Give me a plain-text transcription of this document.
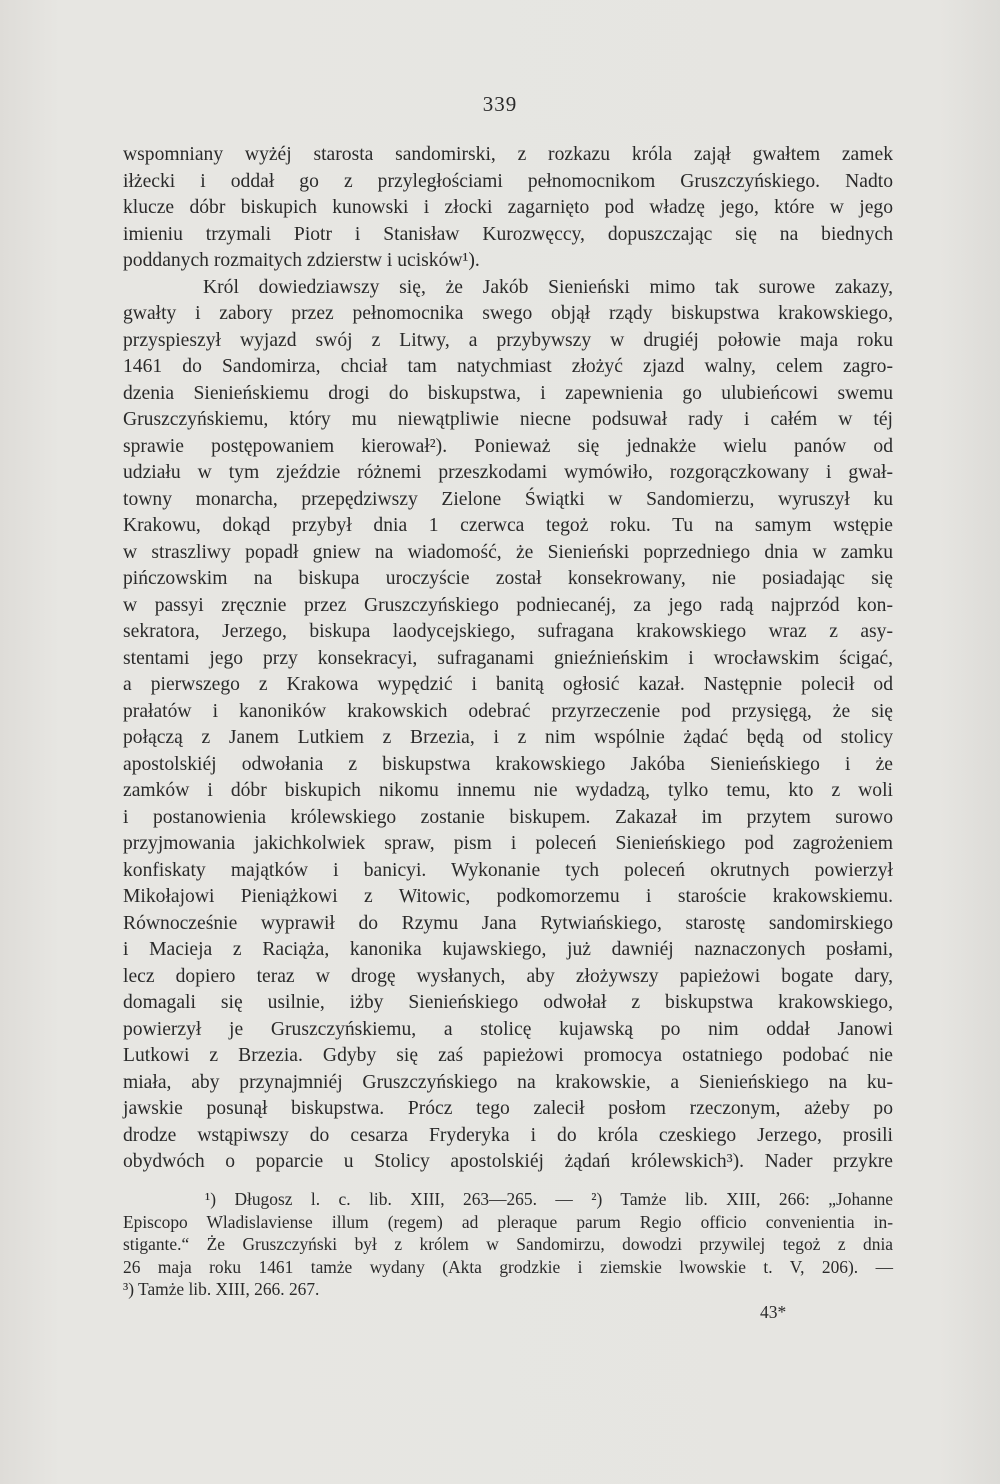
339
wspomniany wyżéj starosta sandomirski, z rozkazu króla zajął gwałtem zamek
iłżecki i oddał go z przyległościami pełnomocnikom Gruszczyńskiego. Nadto
klucze dóbr biskupich kunowski i złocki zagarnięto pod władzę jego, które w jego
imieniu trzymali Piotr i Stanisław Kurozwęccy, dopuszczając się na biednych
poddanych rozmaitych zdzierstw i ucisków¹).
Król dowiedziawszy się, że Jakób Sienieński mimo tak surowe zakazy,
gwałty i zabory przez pełnomocnika swego objął rządy biskupstwa krakowskiego,
przyspieszył wyjazd swój z Litwy, a przybywszy w drugiéj połowie maja roku
1461 do Sandomirza, chciał tam natychmiast złożyć zjazd walny, celem zagro-
dzenia Sienieńskiemu drogi do biskupstwa, i zapewnienia go ulubieńcowi swemu
Gruszczyńskiemu, który mu niewątpliwie niecne podsuwał rady i całém w téj
sprawie postępowaniem kierował²). Ponieważ się jednakże wielu panów od
udziału w tym zjeździe różnemi przeszkodami wymówiło, rozgorączkowany i gwał-
towny monarcha, przepędziwszy Zielone Świątki w Sandomierzu, wyruszył ku
Krakowu, dokąd przybył dnia 1 czerwca tegoż roku. Tu na samym wstępie
w straszliwy popadł gniew na wiadomość, że Sienieński poprzedniego dnia w zamku
pińczowskim na biskupa uroczyście został konsekrowany, nie posiadając się
w passyi zręcznie przez Gruszczyńskiego podniecanéj, za jego radą najprzód kon-
sekratora, Jerzego, biskupa laodycejskiego, sufragana krakowskiego wraz z asy-
stentami jego przy konsekracyi, sufraganami gnieźnieńskim i wrocławskim ścigać,
a pierwszego z Krakowa wypędzić i banitą ogłosić kazał. Następnie polecił od
prałatów i kanoników krakowskich odebrać przyrzeczenie pod przysięgą, że się
połączą z Janem Lutkiem z Brzezia, i z nim wspólnie żądać będą od stolicy
apostolskiéj odwołania z biskupstwa krakowskiego Jakóba Sienieńskiego i że
zamków i dóbr biskupich nikomu innemu nie wydadzą, tylko temu, kto z woli
i postanowienia królewskiego zostanie biskupem. Zakazał im przytem surowo
przyjmowania jakichkolwiek spraw, pism i poleceń Sienieńskiego pod zagrożeniem
konfiskaty majątków i banicyi. Wykonanie tych poleceń okrutnych powierzył
Mikołajowi Pieniążkowi z Witowic, podkomorzemu i staroście krakowskiemu.
Równocześnie wyprawił do Rzymu Jana Rytwiańskiego, starostę sandomirskiego
i Macieja z Raciąża, kanonika kujawskiego, już dawniéj naznaczonych posłami,
lecz dopiero teraz w drogę wysłanych, aby złożywszy papieżowi bogate dary,
domagali się usilnie, iżby Sienieńskiego odwołał z biskupstwa krakowskiego,
powierzył je Gruszczyńskiemu, a stolicę kujawską po nim oddał Janowi
Lutkowi z Brzezia. Gdyby się zaś papieżowi promocya ostatniego podobać nie
miała, aby przynajmniéj Gruszczyńskiego na krakowskie, a Sienieńskiego na ku-
jawskie posunął biskupstwa. Prócz tego zalecił posłom rzeczonym, ażeby po
drodze wstąpiwszy do cesarza Fryderyka i do króla czeskiego Jerzego, prosili
obydwóch o poparcie u Stolicy apostolskiéj żądań królewskich³). Nader przykre
¹) Długosz l. c. lib. XIII, 263—265. — ²) Tamże lib. XIII, 266: „Johanne
Episcopo Wladislaviense illum (regem) ad pleraque parum Regio officio convenientia in-
stigante.“ Że Gruszczyński był z królem w Sandomirzu, dowodzi przywilej tegoż z dnia
26 maja roku 1461 tamże wydany (Akta grodzkie i ziemskie lwowskie t. V, 206). —
³) Tamże lib. XIII, 266. 267.
43*
